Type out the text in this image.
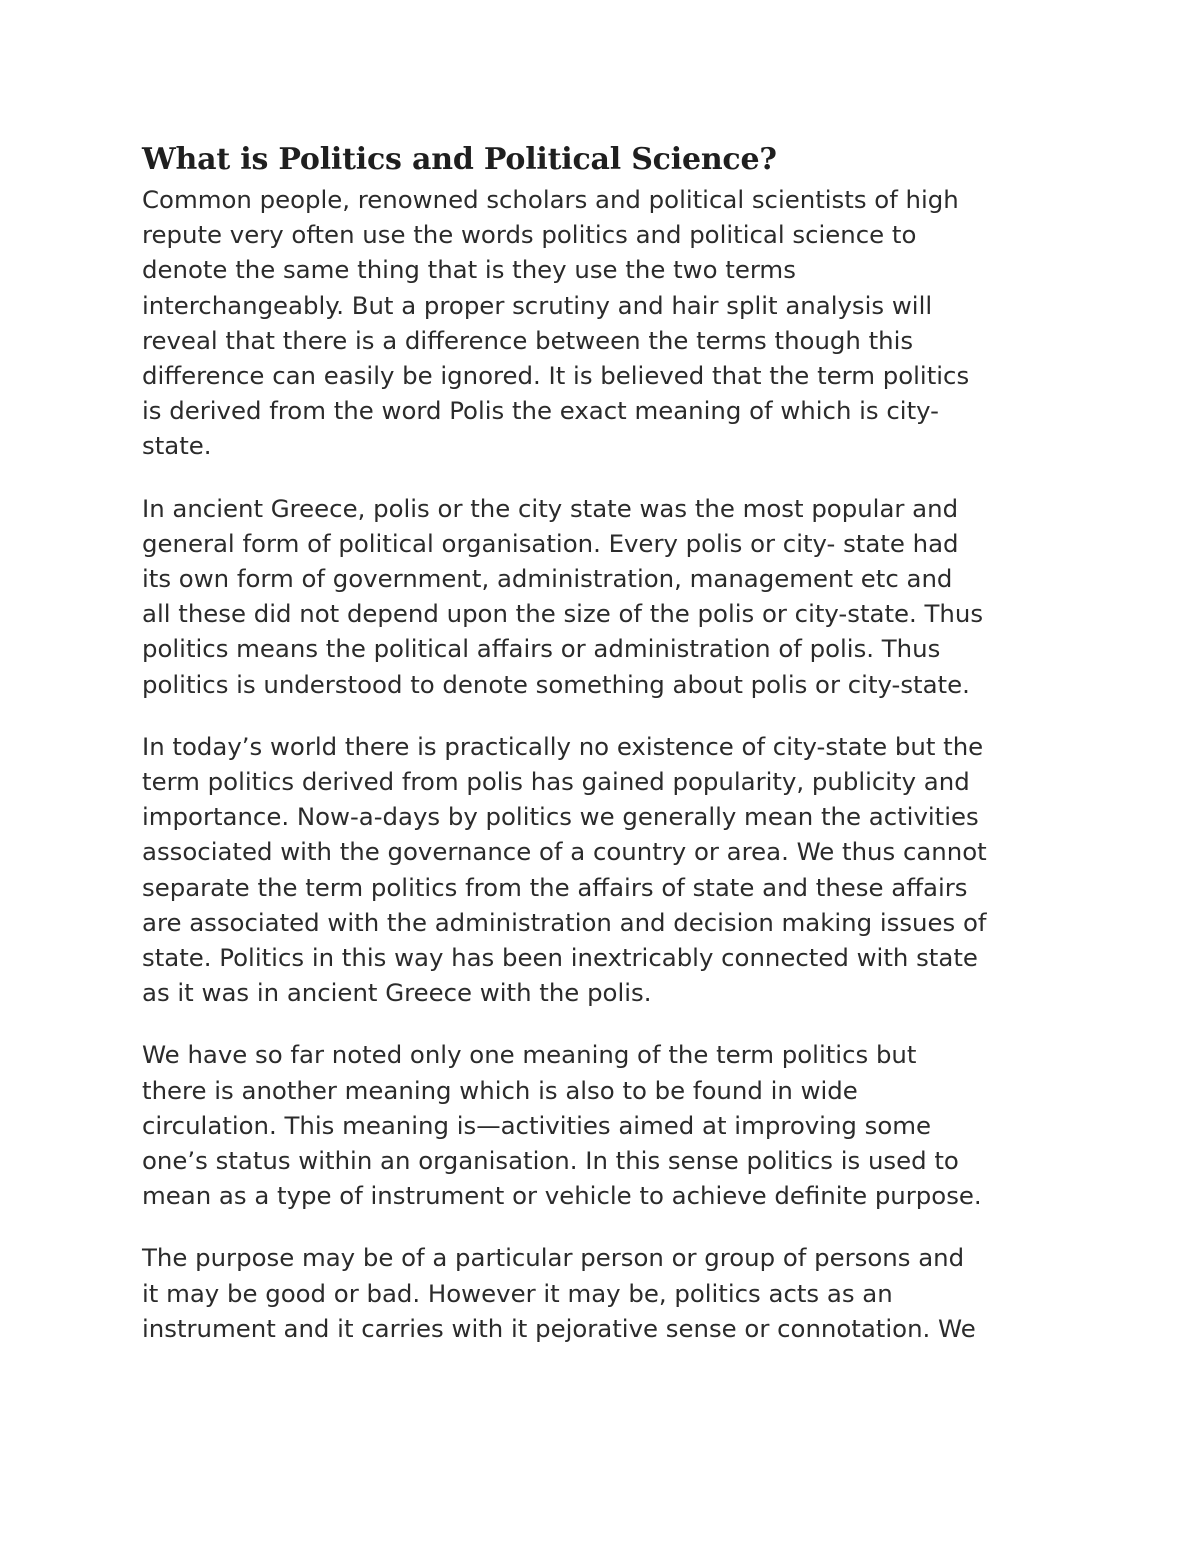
What is Politics and Political Science?

Common people, renowned scholars and political scientists of high
repute very often use the words politics and political science to
denote the same thing that is they use the two terms
interchangeably. But a proper scrutiny and hair split analysis will
reveal that there is a difference between the terms though this
difference can easily be ignored. It is believed that the term politics
is derived from the word Polis the exact meaning of which is city-
state.

In ancient Greece, polis or the city state was the most popular and
general form of political organisation. Every polis or city- state had
its own form of government, administration, management etc and
all these did not depend upon the size of the polis or city-state. Thus
politics means the political affairs or administration of polis. Thus
politics is understood to denote something about polis or city-state.

In today’s world there is practically no existence of city-state but the
term politics derived from polis has gained popularity, publicity and
importance. Now-a-days by politics we generally mean the activities
associated with the governance of a country or area. We thus cannot
separate the term politics from the affairs of state and these affairs
are associated with the administration and decision making issues of
state. Politics in this way has been inextricably connected with state
as it was in ancient Greece with the polis.

We have so far noted only one meaning of the term politics but
there is another meaning which is also to be found in wide
circulation. This meaning is—activities aimed at improving some
one’s status within an organisation. In this sense politics is used to
mean as a type of instrument or vehicle to achieve definite purpose.

The purpose may be of a particular person or group of persons and
it may be good or bad. However it may be, politics acts as an
instrument and it carries with it pejorative sense or connotation. We
